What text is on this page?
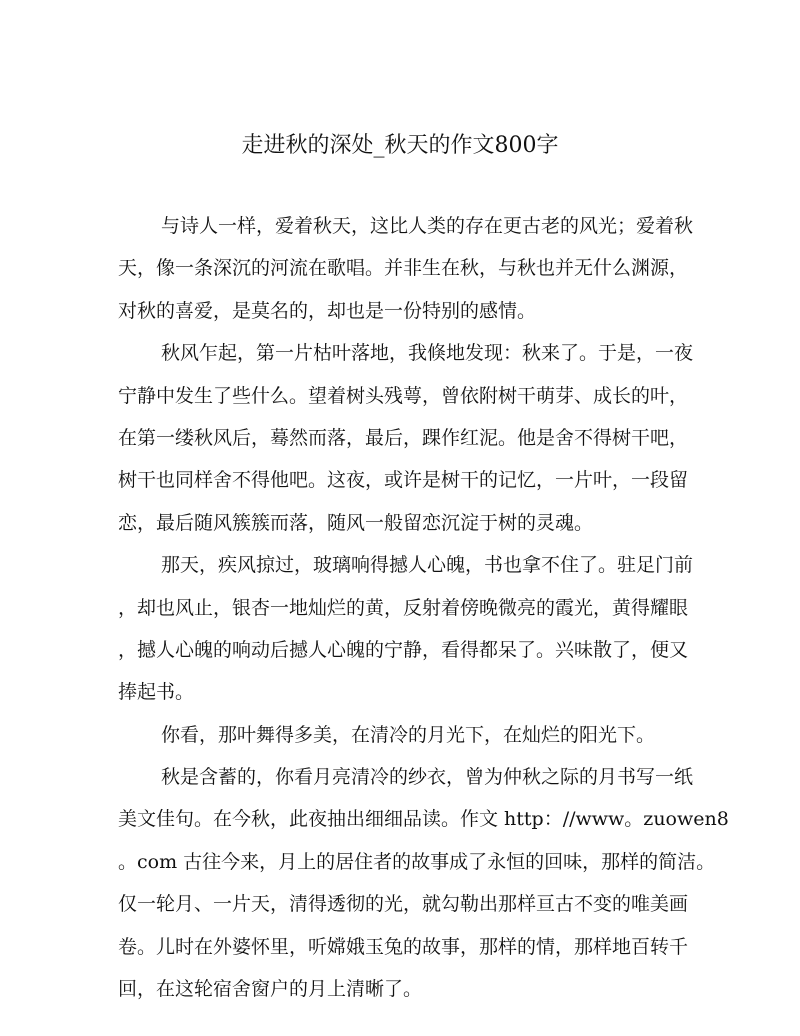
走进秋的深处_秋天的作文800字
与诗人一样，爱着秋天，这比人类的存在更古老的风光；爱着秋
天，像一条深沉的河流在歌唱。并非生在秋，与秋也并无什么渊源，
对秋的喜爱，是莫名的，却也是一份特别的感情。
秋风乍起，第一片枯叶落地，我倏地发现：秋来了。于是，一夜
宁静中发生了些什么。望着树头残萼，曾依附树干萌芽、成长的叶，
在第一缕秋风后，蓦然而落，最后，踝作红泥。他是舍不得树干吧，
树干也同样舍不得他吧。这夜，或许是树干的记忆，一片叶，一段留
恋，最后随风簇簇而落，随风一般留恋沉淀于树的灵魂。
那天，疾风掠过，玻璃响得撼人心魄，书也拿不住了。驻足门前
，却也风止，银杏一地灿烂的黄，反射着傍晚微亮的霞光，黄得耀眼
，撼人心魄的响动后撼人心魄的宁静，看得都呆了。兴味散了，便又
捧起书。
你看，那叶舞得多美，在清冷的月光下，在灿烂的阳光下。
秋是含蓄的，你看月亮清冷的纱衣，曾为仲秋之际的月书写一纸
美文佳句。在今秋，此夜抽出细细品读。作文 http：//www。zuowen8
。com 古往今来，月上的居住者的故事成了永恒的回味，那样的简洁。
仅一轮月、一片天，清得透彻的光，就勾勒出那样亘古不变的唯美画
卷。儿时在外婆怀里，听嫦娥玉兔的故事，那样的情，那样地百转千
回，在这轮宿舍窗户的月上清晰了。
